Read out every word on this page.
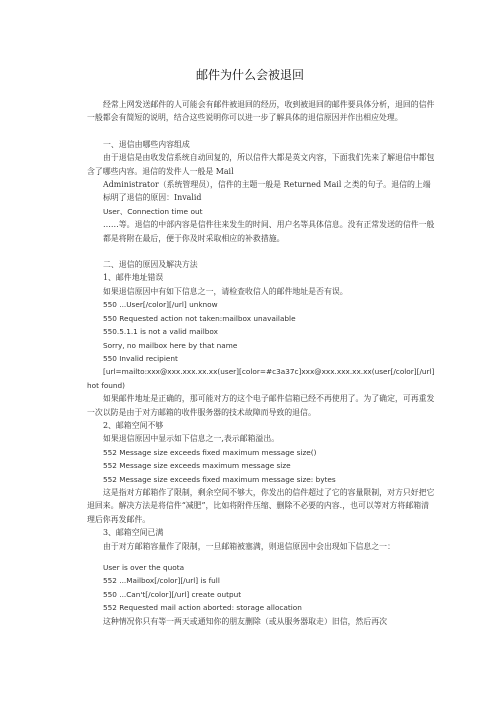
邮件为什么会被退回

经常上网发送邮件的人可能会有邮件被退回的经历，收到被退回的邮件要具体分析，退回的信件一般都会有简短的说明，结合这些说明你可以进一步了解具体的退信原因并作出相应处理。

一、退信由哪些内容组成

由于退信是由收发信系统自动回复的，所以信件大都是英文内容，下面我们先来了解退信中都包含了哪些内容。退信的发件人一般是 Mail

Administrator（系统管理员），信件的主题一般是 Returned Mail 之类的句子。退信的上端标明了退信的原因：Invalid

User、Connection time out

……等。退信的中部内容是信件往来发生的时间、用户名等具体信息。没有正常发送的信件一般都是将附在最后，便于你及时采取相应的补救措施。

二、退信的原因及解决方法

1、邮件地址错误

如果退信原因中有如下信息之一，请检查收信人的邮件地址是否有误。

550 ...User[/color][/url] unknow

550 Requested action not taken:mailbox unavailable

550.5.1.1 is not a valid mailbox

Sorry, no mailbox here by that name

550 Invalid recipient

[url=mailto:xxx@xxx.xxx.xx.xx(user][color=#c3a37c]xxx@xxx.xxx.xx.xx(user[/color][/url]hot found)

如果邮件地址是正确的，那可能对方的这个电子邮件信箱已经不再使用了。为了确定，可再重发一次以防是由于对方邮箱的收件服务器的技术故障而导致的退信。

2、邮箱空间不够

如果退信原因中显示如下信息之一,表示邮箱溢出。

552 Message size exceeds fixed maximum message size()

552 Message size exceeds maximum message size

552 Message size exceeds fixed maximum message size: bytes

这是指对方邮箱作了限制，剩余空间不够大，你发出的信件超过了它的容量限制，对方只好把它退回来。解决方法是将信件“减肥”，比如将附件压缩、删除不必要的内容.，也可以等对方将邮箱清理后你再发邮件。

3、邮箱空间已满

由于对方邮箱容量作了限制，一旦邮箱被塞满，则退信原因中会出现如下信息之一：

User is over the quota

552 ...Mailbox[/color][/url] is full

550 ...Can't[/color][/url] create output

552 Requested mail action aborted: storage allocation

这种情况你只有等一两天或通知你的朋友删除（或从服务器取走）旧信，然后再次
